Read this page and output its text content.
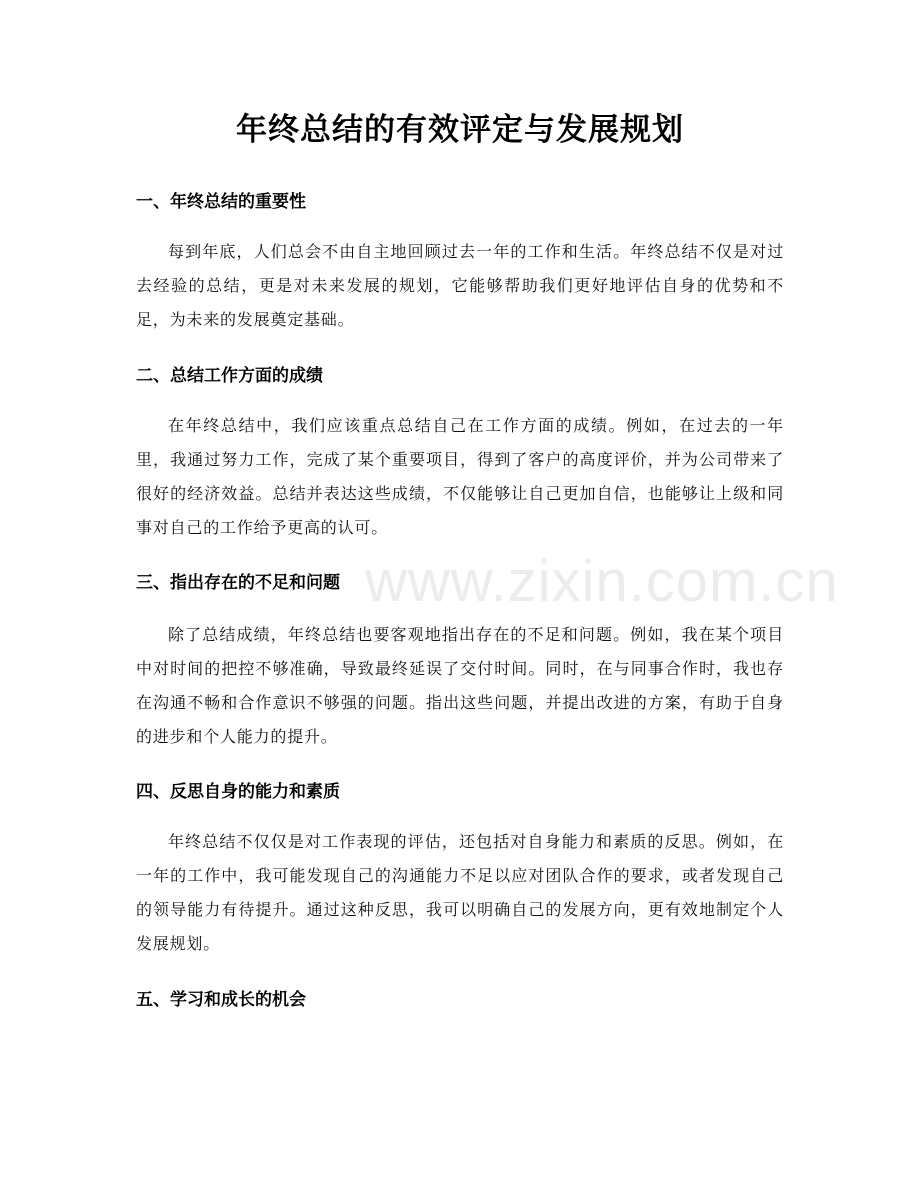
年终总结的有效评定与发展规划
一、年终总结的重要性

每到年底，人们总会不由自主地回顾过去一年的工作和生活。年终总结不仅是对过去经验的总结，更是对未来发展的规划，它能够帮助我们更好地评估自身的优势和不足，为未来的发展奠定基础。

二、总结工作方面的成绩

在年终总结中，我们应该重点总结自己在工作方面的成绩。例如，在过去的一年里，我通过努力工作，完成了某个重要项目，得到了客户的高度评价，并为公司带来了很好的经济效益。总结并表达这些成绩，不仅能够让自己更加自信，也能够让上级和同事对自己的工作给予更高的认可。

三、指出存在的不足和问题

除了总结成绩，年终总结也要客观地指出存在的不足和问题。例如，我在某个项目中对时间的把控不够准确，导致最终延误了交付时间。同时，在与同事合作时，我也存在沟通不畅和合作意识不够强的问题。指出这些问题，并提出改进的方案，有助于自身的进步和个人能力的提升。

四、反思自身的能力和素质

年终总结不仅仅是对工作表现的评估，还包括对自身能力和素质的反思。例如，在一年的工作中，我可能发现自己的沟通能力不足以应对团队合作的要求，或者发现自己的领导能力有待提升。通过这种反思，我可以明确自己的发展方向，更有效地制定个人发展规划。

五、学习和成长的机会
www.zixin.com.cn
